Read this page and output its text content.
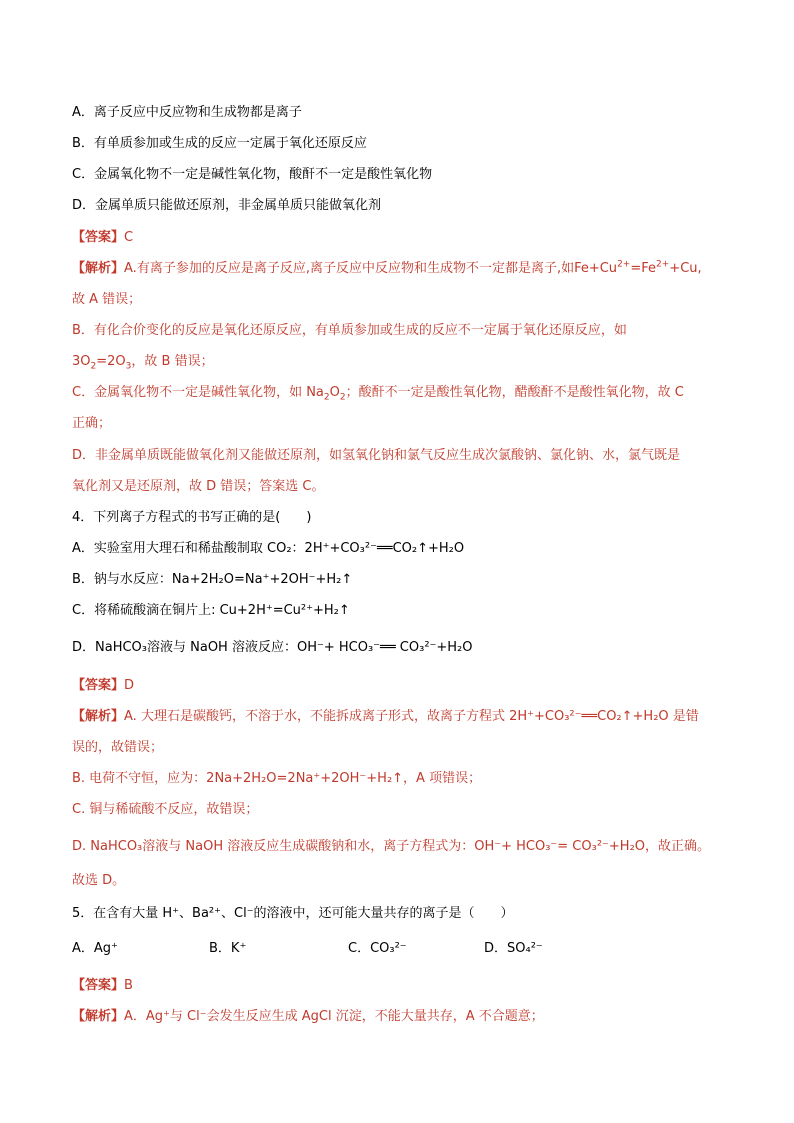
A．离子反应中反应物和生成物都是离子
B．有单质参加或生成的反应一定属于氧化还原反应
C．金属氧化物不一定是碱性氧化物，酸酐不一定是酸性氧化物
D．金属单质只能做还原剂，非金属单质只能做氧化剂
【答案】C
【解析】A.有离子参加的反应是离子反应,离子反应中反应物和生成物不一定都是离子,如$Fe+Cu^{2+}=Fe^{2+}+Cu$,
故 A 错误；
B．有化合价变化的反应是氧化还原反应，有单质参加或生成的反应不一定属于氧化还原反应，如
$3O_2=2O_3$，故 B 错误；
C．金属氧化物不一定是碱性氧化物，如 $Na_2O_2$；酸酐不一定是酸性氧化物，醋酸酐不是酸性氧化物，故 C
正确；
D．非金属单质既能做氧化剂又能做还原剂，如氢氧化钠和氯气反应生成次氯酸钠、氯化钠、水，氯气既是
氧化剂又是还原剂，故 D 错误；答案选 C。
4．下列离子方程式的书写正确的是(　　)
A．实验室用大理石和稀盐酸制取 CO₂：2H⁺+CO₃²⁻══CO₂↑+H₂O
B．钠与水反应：Na+2H₂O=Na⁺+2OH⁻+H₂↑
C．将稀硫酸滴在铜片上: Cu+2H⁺=Cu²⁺+H₂↑
D．NaHCO₃溶液与 NaOH 溶液反应：OH⁻+ HCO₃⁻══ CO₃²⁻+H₂O
【答案】D
【解析】A. 大理石是碳酸钙，不溶于水，不能拆成离子形式，故离子方程式 2H⁺+CO₃²⁻══CO₂↑+H₂O 是错
误的，故错误；
B. 电荷不守恒，应为：2Na+2H₂O=2Na⁺+2OH⁻+H₂↑，A 项错误；
C. 铜与稀硫酸不反应，故错误；
D. NaHCO₃溶液与 NaOH 溶液反应生成碳酸钠和水，离子方程式为：OH⁻+ HCO₃⁻= CO₃²⁻+H₂O，故正确。
故选 D。
5．在含有大量 H⁺、Ba²⁺、Cl⁻的溶液中，还可能大量共存的离子是（　　）
A．Ag⁺	B．K⁺	C．CO₃²⁻	D．SO₄²⁻
【答案】B
【解析】A．Ag⁺与 Cl⁻会发生反应生成 AgCl 沉淀，不能大量共存，A 不合题意；
